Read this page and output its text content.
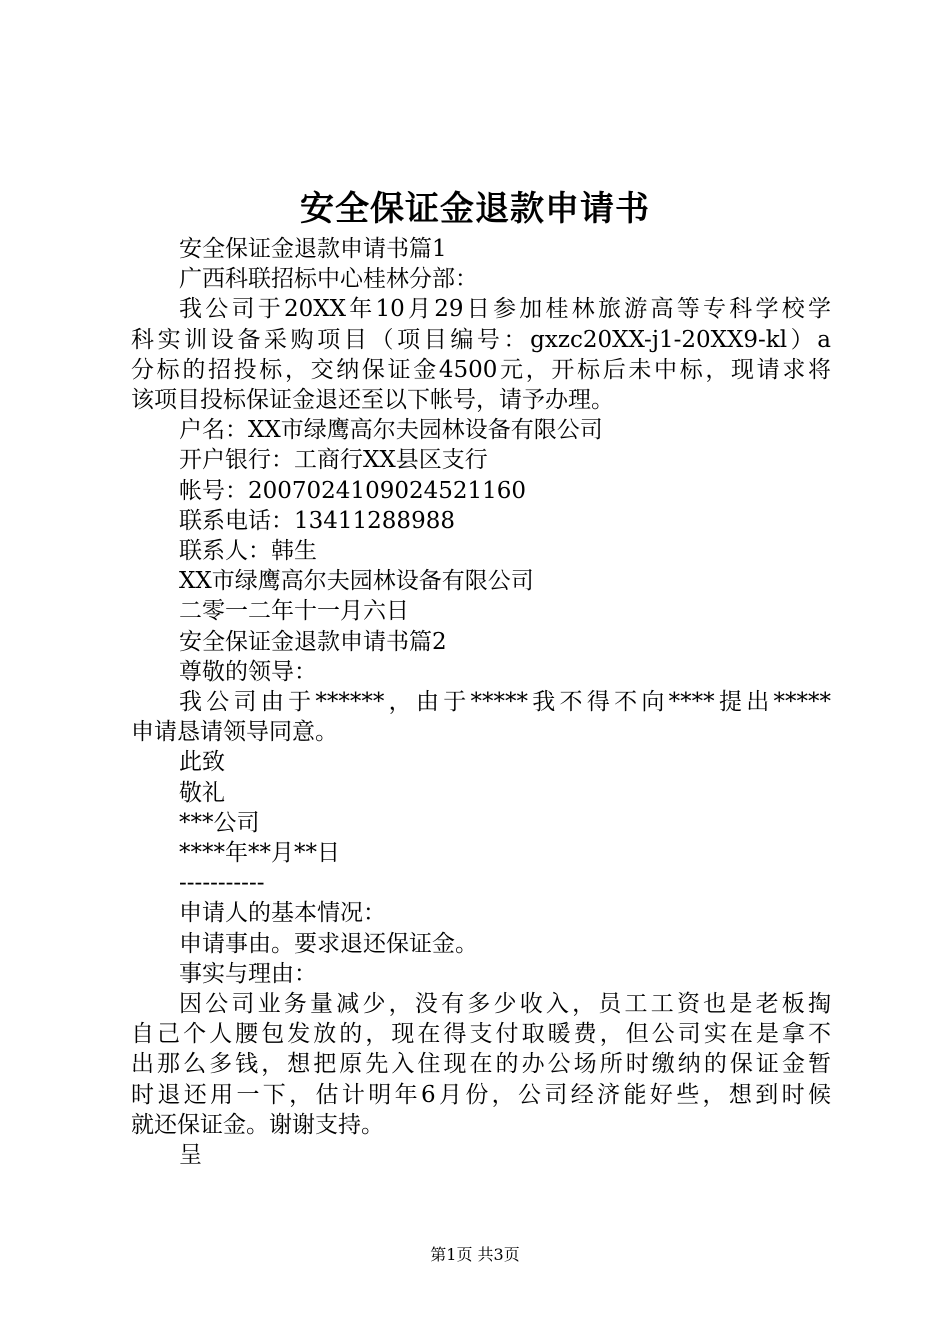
安全保证金退款申请书

安全保证金退款申请书篇1

广西科联招标中心桂林分部：

我公司于20XX年10月29日参加桂林旅游高等专科学校学
科实训设备采购项目（项目编号：gxzc20XX-j1-20XX9-kl）a
分标的招投标，交纳保证金4500元，开标后未中标，现请求将
该项目投标保证金退还至以下帐号，请予办理。

户名：XX市绿鹰高尔夫园林设备有限公司

开户银行：工商行XX县区支行

帐号：2007024109024521160

联系电话：13411288988

联系人：韩生

XX市绿鹰高尔夫园林设备有限公司

二零一二年十一月六日

安全保证金退款申请书篇2

尊敬的领导：

我公司由于******，由于*****我不得不向****提出*****
申请恳请领导同意。

此致

敬礼

***公司

****年**月**日

-----------

申请人的基本情况：

申请事由。要求退还保证金。

事实与理由：

因公司业务量减少，没有多少收入，员工工资也是老板掏
自己个人腰包发放的，现在得支付取暖费，但公司实在是拿不
出那么多钱，想把原先入住现在的办公场所时缴纳的保证金暂
时退还用一下，估计明年6月份，公司经济能好些，想到时候
就还保证金。谢谢支持。

呈

第1页 共3页
